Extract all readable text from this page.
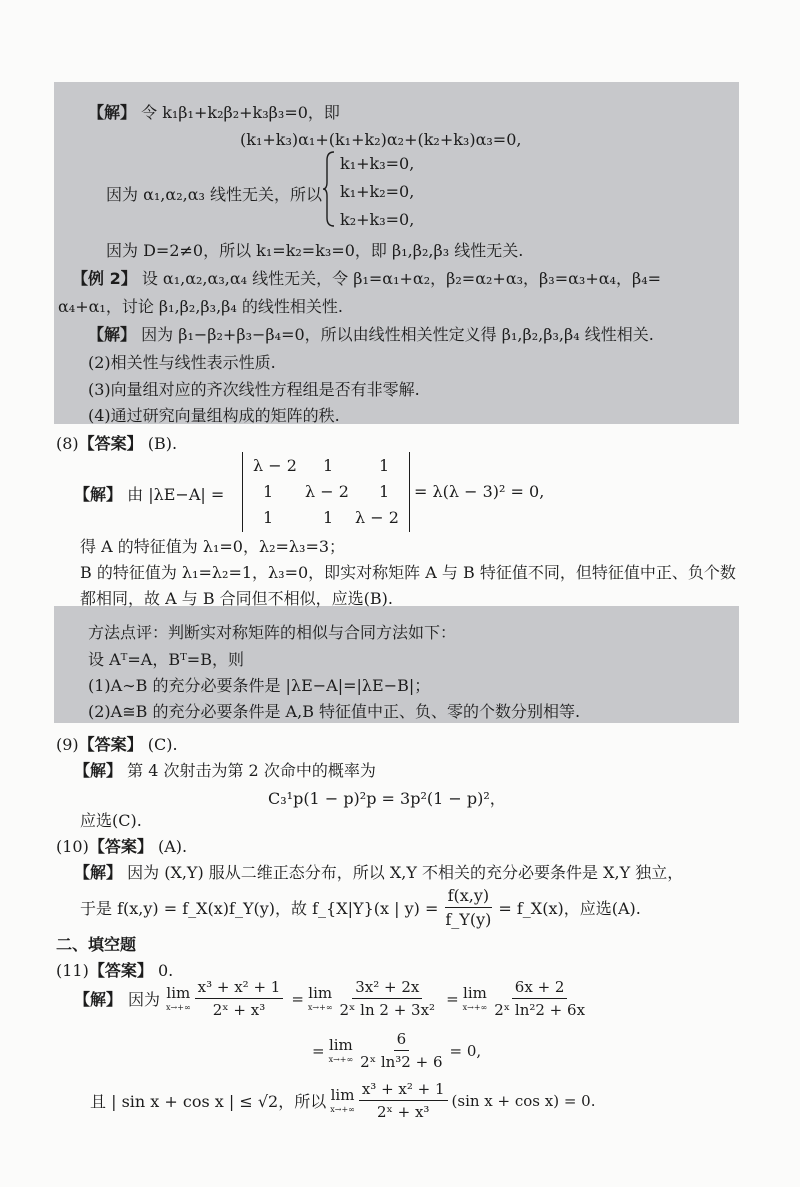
【解】 令 k₁β₁+k₂β₂+k₃β₃=0，即
(k₁+k₃)α₁+(k₁+k₂)α₂+(k₂+k₃)α₃=0,
因为 α₁,α₂,α₃ 线性无关，所以
k₁+k₃=0,
k₁+k₂=0,
k₂+k₃=0,
因为 D=2≠0，所以 k₁=k₂=k₃=0，即 β₁,β₂,β₃ 线性无关.
【例 2】 设 α₁,α₂,α₃,α₄ 线性无关，令 β₁=α₁+α₂，β₂=α₂+α₃，β₃=α₃+α₄，β₄=
α₄+α₁，讨论 β₁,β₂,β₃,β₄ 的线性相关性.
【解】 因为 β₁−β₂+β₃−β₄=0，所以由线性相关性定义得 β₁,β₂,β₃,β₄ 线性相关.
(2)相关性与线性表示性质.
(3)向量组对应的齐次线性方程组是否有非零解.
(4)通过研究向量组构成的矩阵的秩.
(8)【答案】 (B).
【解】 由 |λE−A| =
λ − 2 1	1
1 λ − 2 1
1	1 λ − 2
= λ(λ − 3)² = 0,
得 A 的特征值为 λ₁=0，λ₂=λ₃=3；
B 的特征值为 λ₁=λ₂=1，λ₃=0，即实对称矩阵 A 与 B 特征值不同，但特征值中正、负个数
都相同，故 A 与 B 合同但不相似，应选(B).
方法点评：判断实对称矩阵的相似与合同方法如下：
设 Aᵀ=A，Bᵀ=B，则
(1)A∼B 的充分必要条件是 |λE−A|=|λE−B|；
(2)A≅B 的充分必要条件是 A,B 特征值中正、负、零的个数分别相等.
(9)【答案】 (C).
【解】 第 4 次射击为第 2 次命中的概率为
C₃¹p(1 − p)²p = 3p²(1 − p)²，
应选(C).
(10)【答案】 (A).
【解】 因为 (X,Y) 服从二维正态分布，所以 X,Y 不相关的充分必要条件是 X,Y 独立，
于是 f(x,y) = f_X(x)f_Y(y)，故 f_{X|Y}(x | $y) = \frac{f(x,y)}{f\_Y(y)}$ = f_X(x)，应选(A).
二、填空题
(11)【答案】 0.
【解】 因为 lim
$x\to+\infty \frac{\text{x³ + x² + 1}}{\text{2ˣ + x³}} = \lim$
$x\to+\infty \frac{\text{3x² + 2x}}{\text{2ˣ ln 2 + 3x²}} = \lim$
$x\to+\infty \frac{6x + 2}{\text{2ˣ ln²2 + 6x}}$
= lim
$x\to+\infty \frac{6}{\text{2ˣ ln³2 + 6}} = 0$,
且 | sin x + cos x | ≤ √2，所以 lim
$x\to+\infty \frac{\text{x³ + x² + 1}}{\text{2ˣ + x³}} (\sin$ x + cos x) = 0.
